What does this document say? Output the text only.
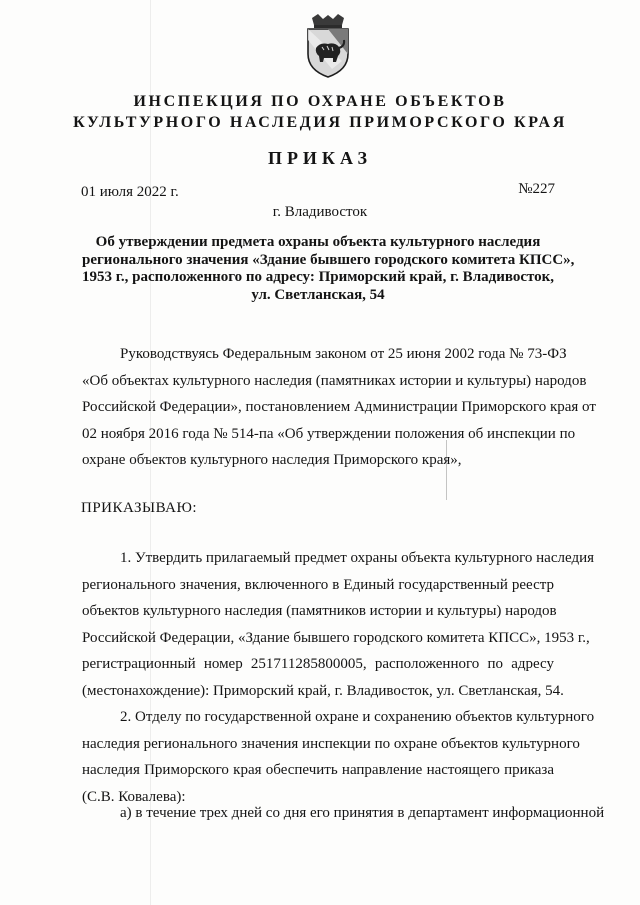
ИНСПЕКЦИЯ ПО ОХРАНЕ ОБЪЕКТОВ
КУЛЬТУРНОГО НАСЛЕДИЯ ПРИМОРСКОГО КРАЯ
ПРИКАЗ
01 июля 2022 г.	№227
г. Владивосток
Об утверждении предмета охраны объекта культурного наследия
регионального значения «Здание бывшего городского комитета КПСС»,
1953 г., расположенного по адресу: Приморский край, г. Владивосток,
ул. Светланская, 54
Руководствуясь Федеральным законом от 25 июня 2002 года № 73-ФЗ
«Об объектах культурного наследия (памятниках истории и культуры) народов
Российской Федерации», постановлением Администрации Приморского края от
02 ноября 2016 года № 514-па «Об утверждении положения об инспекции по
охране объектов культурного наследия Приморского края»,
ПРИКАЗЫВАЮ:
1. Утвердить прилагаемый предмет охраны объекта культурного наследия
регионального значения, включенного в Единый государственный реестр
объектов культурного наследия (памятников истории и культуры) народов
Российской Федерации, «Здание бывшего городского комитета КПСС», 1953 г.,
регистрационный номер 251711285800005, расположенного по адресу
(местонахождение): Приморский край, г. Владивосток, ул. Светланская, 54.
2. Отделу по государственной охране и сохранению объектов культурного
наследия регионального значения инспекции по охране объектов культурного
наследия Приморского края обеспечить направление настоящего приказа
(С.В. Ковалева):
а) в течение трех дней со дня его принятия в департамент информационной
